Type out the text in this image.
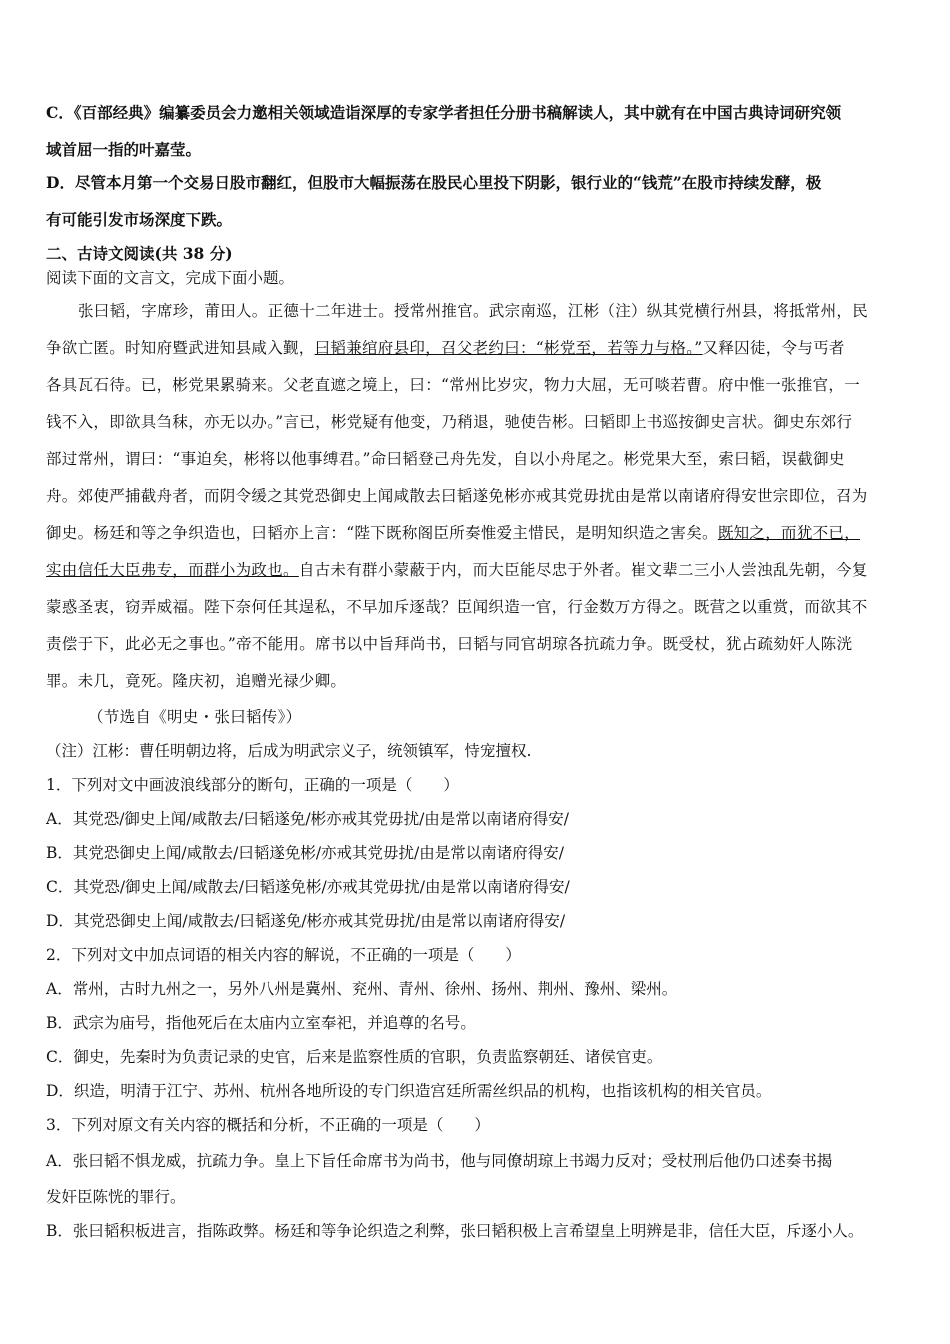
C．《百部经典》编纂委员会力邀相关领域造诣深厚的专家学者担任分册书稿解读人，其中就有在中国古典诗词研究领
域首屈一指的叶嘉莹。
D．尽管本月第一个交易日股市翻红，但股市大幅振荡在股民心里投下阴影，银行业的“钱荒”在股市持续发酵，极
有可能引发市场深度下跌。
二、古诗文阅读(共 38 分)
阅读下面的文言文，完成下面小题。
张曰韬，字席珍，莆田人。正德十二年进士。授常州推官。武宗南巡，江彬（注）纵其党横行州县，将抵常州，民
争欲亡匿。时知府暨武进知县咸入觐，曰韬兼绾府县印，召父老约曰：“彬党至，若等力与格。”又释囚徒，令与丐者
各具瓦石待。已，彬党果累骑来。父老直遮之境上，曰：“常州比岁灾，物力大屈，无可啖若曹。府中惟一张推官，一
钱不入，即欲具刍秣，亦无以办。”言已，彬党疑有他变，乃稍退，驰使告彬。曰韬即上书巡按御史言状。御史东郊行
部过常州，谓曰：“事迫矣，彬将以他事缚君。”命曰韬登己舟先发，自以小舟尾之。彬党果大至，索曰韬，误截御史
舟。郊使严捕截舟者，而阴令缓之其党恐御史上闻咸散去曰韬遂免彬亦戒其党毋扰由是常以南诸府得安世宗即位，召为
御史。杨廷和等之争织造也，曰韬亦上言：“陛下既称阁臣所奏惟爱主惜民，是明知织造之害矣。既知之，而犹不已，
实由信任大臣弗专，而群小为政也。自古未有群小蒙蔽于内，而大臣能尽忠于外者。崔文辈二三小人尝浊乱先朝，今复
蒙惑圣衷，窃弄威福。陛下奈何任其逞私，不早加斥逐哉？臣闻织造一官，行金数万方得之。既营之以重赏，而欲其不
责偿于下，此必无之事也。”帝不能用。席书以中旨拜尚书，曰韬与同官胡琼各抗疏力争。既受杖，犹占疏劾奸人陈洸
罪。未几，竟死。隆庆初，追赠光禄少卿。
（节选自《明史・张曰韬传》）
（注）江彬：曹任明朝边将，后成为明武宗义子，统领镇军，恃宠擅权.
1．下列对文中画波浪线部分的断句，正确的一项是（　　）
A．其党恐/御史上闻/咸散去/曰韬遂免/彬亦戒其党毋扰/由是常以南诸府得安/
B．其党恐御史上闻/咸散去/曰韬遂免彬/亦戒其党毋扰/由是常以南诸府得安/
C．其党恐/御史上闻/咸散去/曰韬遂免彬/亦戒其党毋扰/由是常以南诸府得安/
D．其党恐御史上闻/咸散去/曰韬遂免/彬亦戒其党毋扰/由是常以南诸府得安/
2．下列对文中加点词语的相关内容的解说，不正确的一项是（　　）
A．常州，古时九州之一，另外八州是冀州、兖州、青州、徐州、扬州、荆州、豫州、梁州。
B．武宗为庙号，指他死后在太庙内立室奉祀，并追尊的名号。
C．御史，先秦时为负责记录的史官，后来是监察性质的官职，负责监察朝廷、诸侯官吏。
D．织造，明清于江宁、苏州、杭州各地所设的专门织造宫廷所需丝织品的机构，也指该机构的相关官员。
3．下列对原文有关内容的概括和分析，不正确的一项是（　　）
A．张曰韬不惧龙威，抗疏力争。皇上下旨任命席书为尚书，他与同僚胡琼上书竭力反对；受杖刑后他仍口述奏书揭
发奸臣陈恍的罪行。
B．张曰韬积板进言，指陈政弊。杨廷和等争论织造之利弊，张曰韬积极上言希望皇上明辨是非，信任大臣，斥逐小人。
